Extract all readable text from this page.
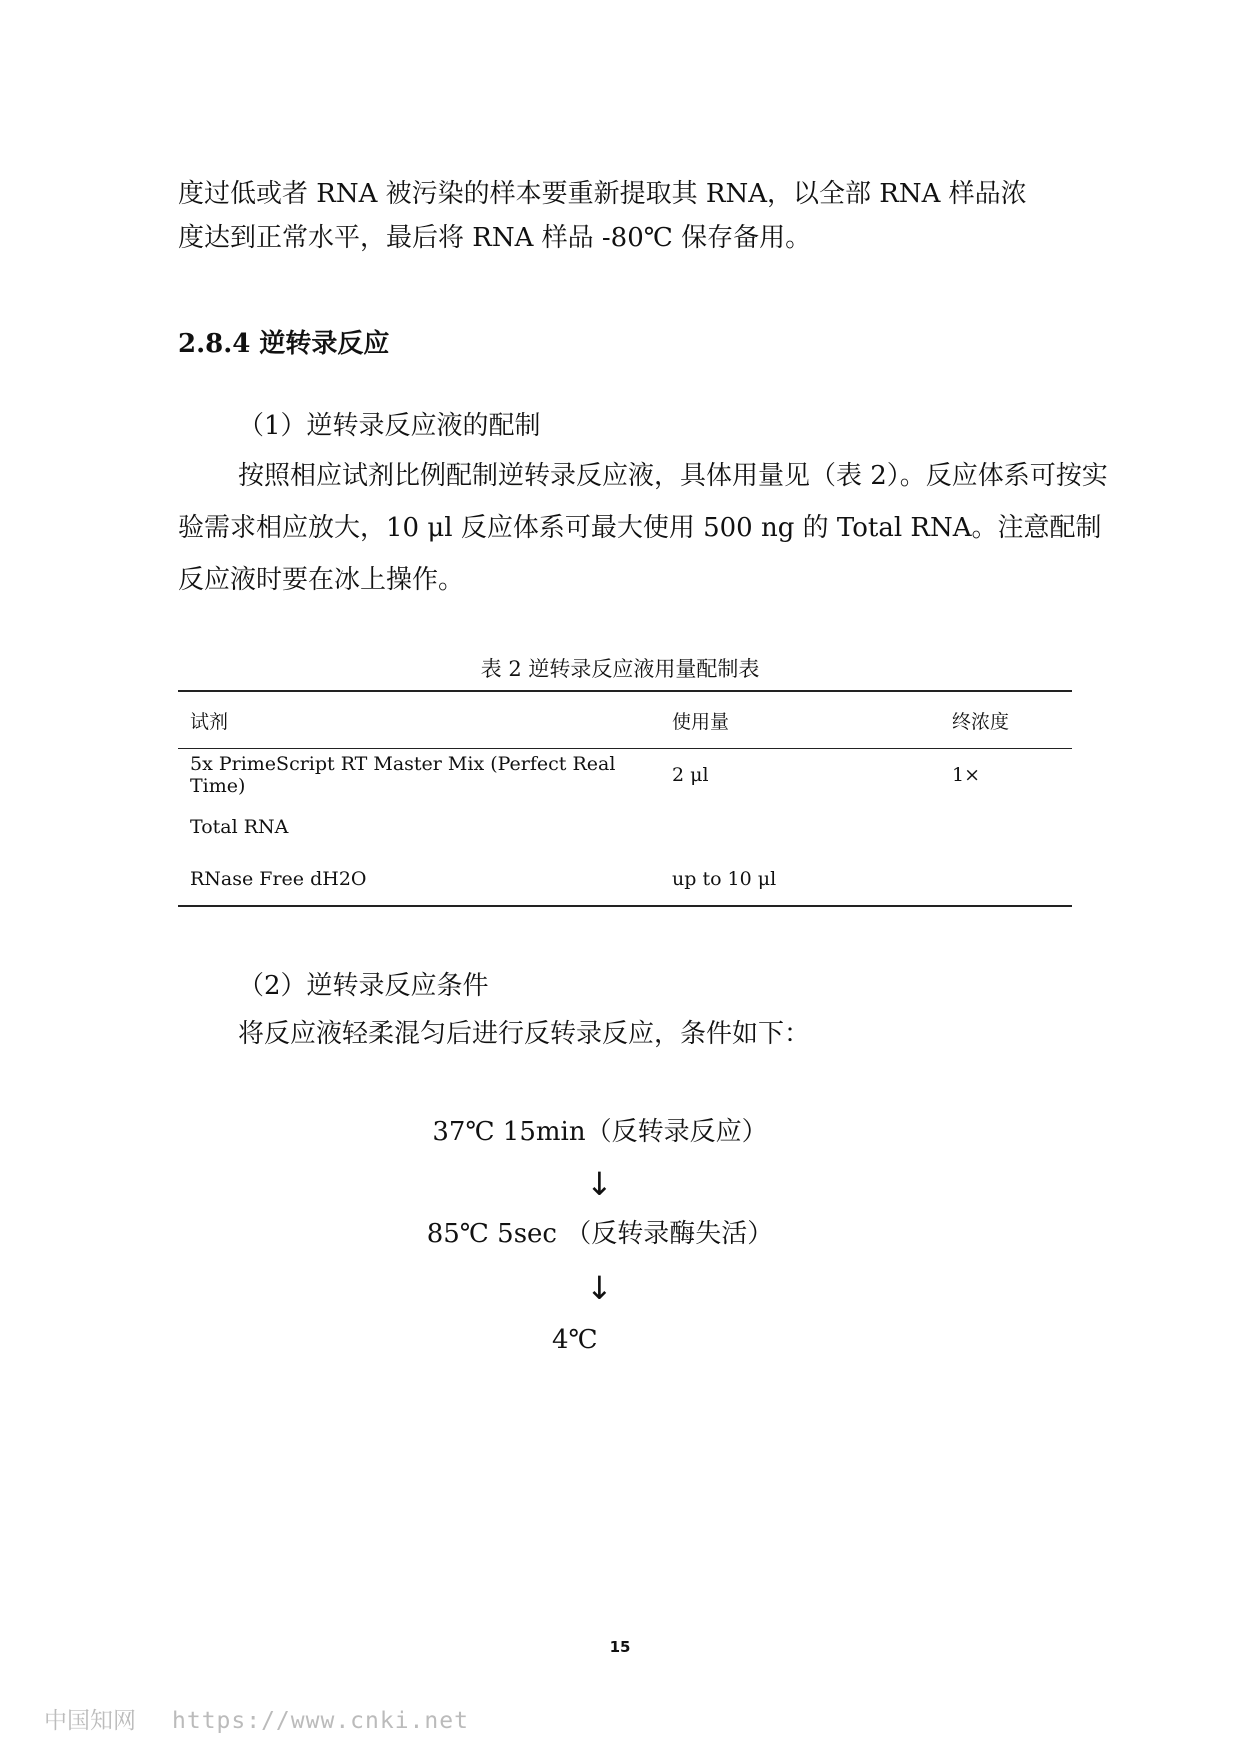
度过低或者 RNA 被污染的样本要重新提取其 RNA，以全部 RNA 样品浓

度达到正常水平，最后将 RNA 样品 -80℃ 保存备用。

2.8.4 逆转录反应

（1）逆转录反应液的配制

按照相应试剂比例配制逆转录反应液，具体用量见（表 2）。反应体系可按实验需求相应放大，10 μl 反应体系可最大使用 500 ng 的 Total RNA。注意配制反应液时要在冰上操作。

表 2 逆转录反应液用量配制表

试剂	使用量	终浓度
5x PrimeScript RT Master Mix (Perfect Real Time)	2 μl	1×
Total RNA
RNase Free dH2O	up to 10 μl

（2）逆转录反应条件

将反应液轻柔混匀后进行反转录反应，条件如下：

37℃ 15min（反转录反应）

↓

85℃ 5sec （反转录酶失活）

↓

4℃

15
中国知网 https://www.cnki.net
